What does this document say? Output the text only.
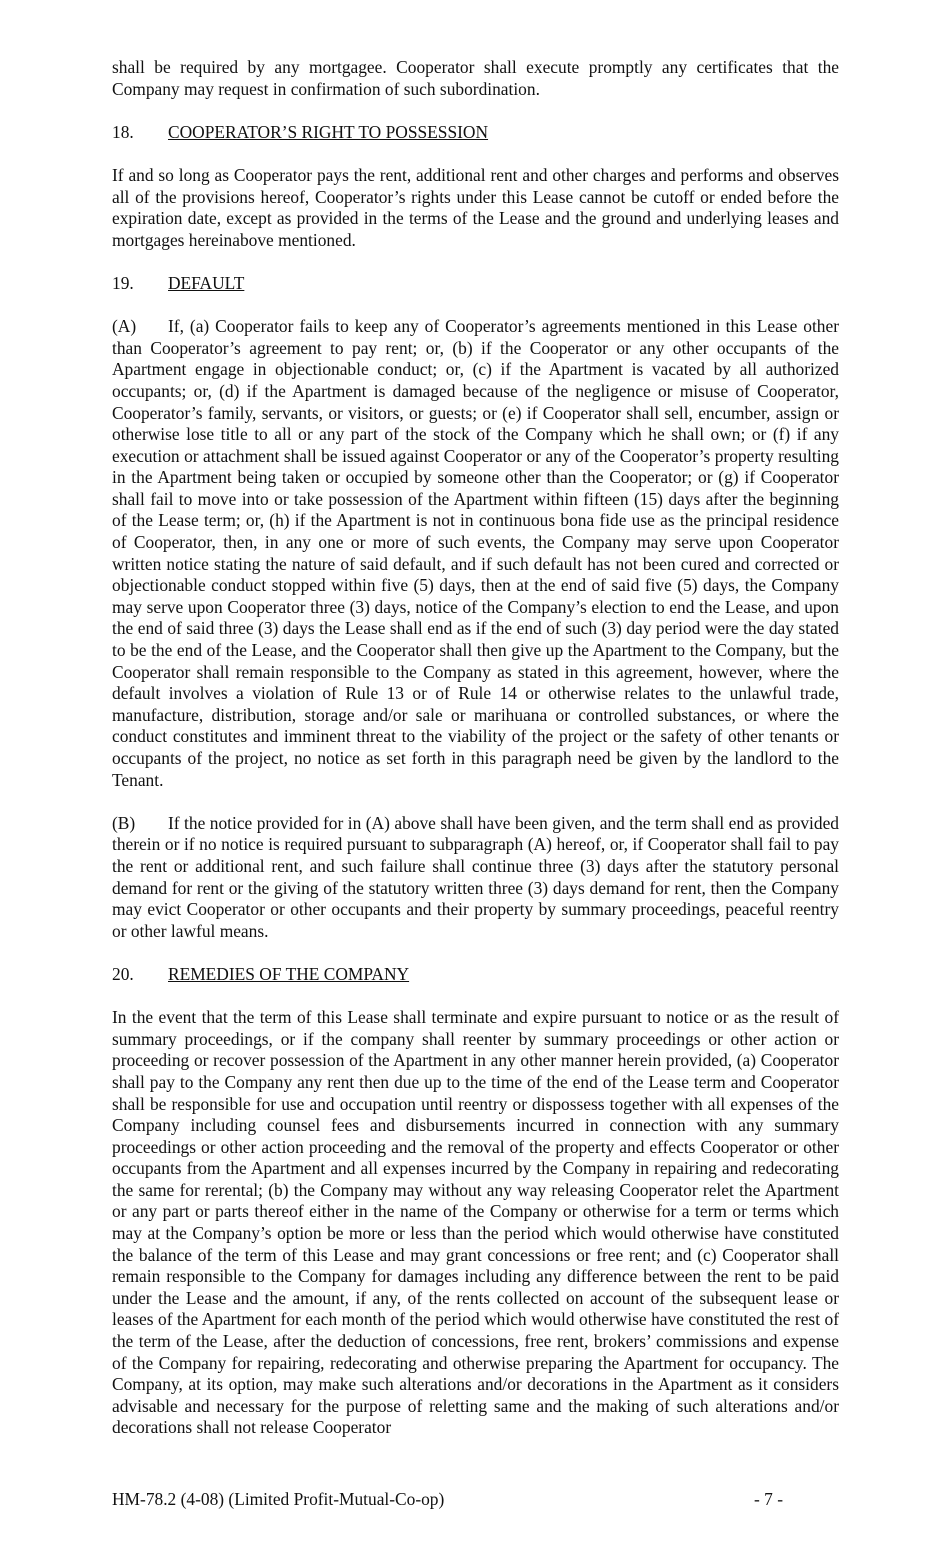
shall be required by any mortgagee. Cooperator shall execute promptly any certificates that the Company may request in confirmation of such subordination.

18.	COOPERATOR’S RIGHT TO POSSESSION

If and so long as Cooperator pays the rent, additional rent and other charges and performs and observes all of the provisions hereof, Cooperator’s rights under this Lease cannot be cutoff or ended before the expiration date, except as provided in the terms of the Lease and the ground and underlying leases and mortgages hereinabove mentioned.

19.	DEFAULT

(A) If, (a) Cooperator fails to keep any of Cooperator’s agreements mentioned in this Lease other than Cooperator’s agreement to pay rent; or, (b) if the Cooperator or any other occupants of the Apartment engage in objectionable conduct; or, (c) if the Apartment is vacated by all authorized occupants; or, (d) if the Apartment is damaged because of the negligence or misuse of Cooperator, Cooperator’s family, servants, or visitors, or guests; or (e) if Cooperator shall sell, encumber, assign or otherwise lose title to all or any part of the stock of the Company which he shall own; or (f) if any execution or attachment shall be issued against Cooperator or any of the Cooperator’s property resulting in the Apartment being taken or occupied by someone other than the Cooperator; or (g) if Cooperator shall fail to move into or take possession of the Apartment within fifteen (15) days after the beginning of the Lease term; or, (h) if the Apartment is not in continuous bona fide use as the principal residence of Cooperator, then, in any one or more of such events, the Company may serve upon Cooperator written notice stating the nature of said default, and if such default has not been cured and corrected or objectionable conduct stopped within five (5) days, then at the end of said five (5) days, the Company may serve upon Cooperator three (3) days, notice of the Company’s election to end the Lease, and upon the end of said three (3) days the Lease shall end as if the end of such (3) day period were the day stated to be the end of the Lease, and the Cooperator shall then give up the Apartment to the Company, but the Cooperator shall remain responsible to the Company as stated in this agreement, however, where the default involves a violation of Rule 13 or of Rule 14 or otherwise relates to the unlawful trade, manufacture, distribution, storage and/or sale or marihuana or controlled substances, or where the conduct constitutes and imminent threat to the viability of the project or the safety of other tenants or occupants of the project, no notice as set forth in this paragraph need be given by the landlord to the Tenant.

(B) If the notice provided for in (A) above shall have been given, and the term shall end as provided therein or if no notice is required pursuant to subparagraph (A) hereof, or, if Cooperator shall fail to pay the rent or additional rent, and such failure shall continue three (3) days after the statutory personal demand for rent or the giving of the statutory written three (3) days demand for rent, then the Company may evict Cooperator or other occupants and their property by summary proceedings, peaceful reentry or other lawful means.

20.	REMEDIES OF THE COMPANY

In the event that the term of this Lease shall terminate and expire pursuant to notice or as the result of summary proceedings, or if the company shall reenter by summary proceedings or other action or proceeding or recover possession of the Apartment in any other manner herein provided, (a) Cooperator shall pay to the Company any rent then due up to the time of the end of the Lease term and Cooperator shall be responsible for use and occupation until reentry or dispossess together with all expenses of the Company including counsel fees and disbursements incurred in connection with any summary proceedings or other action proceeding and the removal of the property and effects Cooperator or other occupants from the Apartment and all expenses incurred by the Company in repairing and redecorating the same for rerental; (b) the Company may without any way releasing Cooperator relet the Apartment or any part or parts thereof either in the name of the Company or otherwise for a term or terms which may at the Company’s option be more or less than the period which would otherwise have constituted the balance of the term of this Lease and may grant concessions or free rent; and (c) Cooperator shall remain responsible to the Company for damages including any difference between the rent to be paid under the Lease and the amount, if any, of the rents collected on account of the subsequent lease or leases of the Apartment for each month of the period which would otherwise have constituted the rest of the term of the Lease, after the deduction of concessions, free rent, brokers’ commissions and expense of the Company for repairing, redecorating and otherwise preparing the Apartment for occupancy. The Company, at its option, may make such alterations and/or decorations in the Apartment as it considers advisable and necessary for the purpose of reletting same and the making of such alterations and/or decorations shall not release Cooperator

HM-78.2 (4-08) (Limited Profit-Mutual-Co-op)	- 7 -
